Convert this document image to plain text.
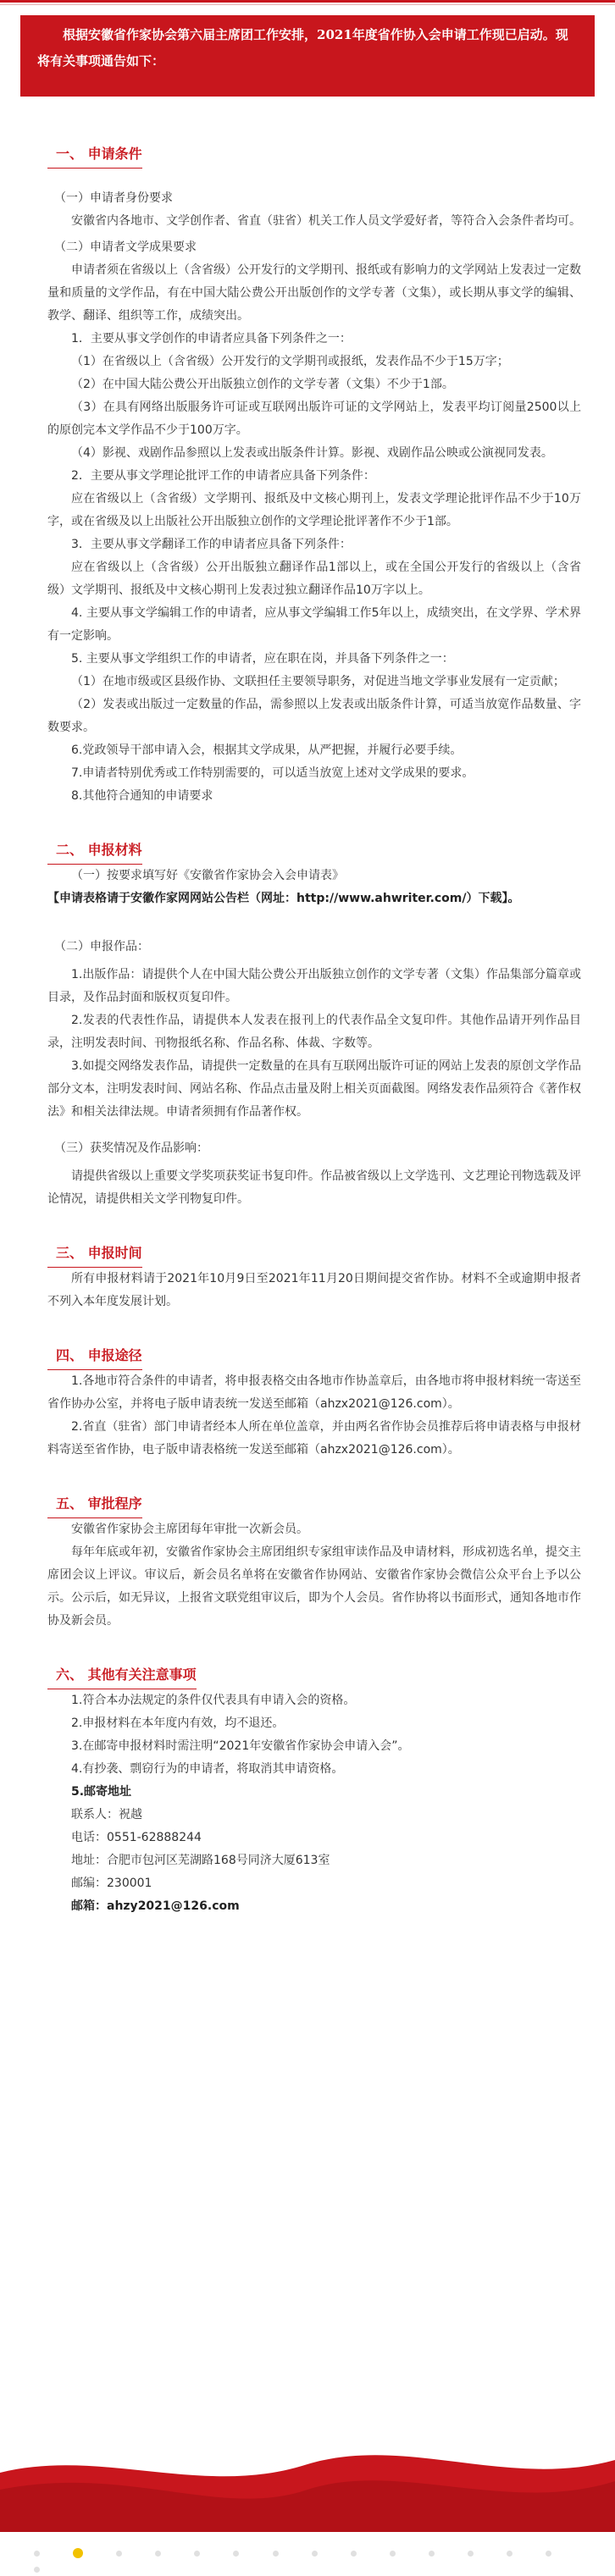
根据安徽省作家协会第六届主席团工作安排，2021年度省作协入会申请工作现已启动。现将有关事项通告如下：
一、 申请条件
（一）申请者身份要求

安徽省内各地市、文学创作者、省直（驻省）机关工作人员文学爱好者，等符合入会条件者均可。

（二）申请者文学成果要求

申请者须在省级以上（含省级）公开发行的文学期刊、报纸或有影响力的文学网站上发表过一定数量和质量的文学作品，有在中国大陆公费公开出版创作的文学专著（文集），或长期从事文学的编辑、教学、翻译、组织等工作，成绩突出。

1．主要从事文学创作的申请者应具备下列条件之一：

（1）在省级以上（含省级）公开发行的文学期刊或报纸，发表作品不少于15万字；

（2）在中国大陆公费公开出版独立创作的文学专著（文集）不少于1部。

（3）在具有网络出版服务许可证或互联网出版许可证的文学网站上，发表平均订阅量2500以上的原创完本文学作品不少于100万字。

（4）影视、戏剧作品参照以上发表或出版条件计算。影视、戏剧作品公映或公演视同发表。

2．主要从事文学理论批评工作的申请者应具备下列条件：

应在省级以上（含省级）文学期刊、报纸及中文核心期刊上，发表文学理论批评作品不少于10万字，或在省级及以上出版社公开出版独立创作的文学理论批评著作不少于1部。

3．主要从事文学翻译工作的申请者应具备下列条件：

应在省级以上（含省级）公开出版独立翻译作品1部以上，或在全国公开发行的省级以上（含省级）文学期刊、报纸及中文核心期刊上发表过独立翻译作品10万字以上。

4. 主要从事文学编辑工作的申请者，应从事文学编辑工作5年以上，成绩突出，在文学界、学术界有一定影响。

5. 主要从事文学组织工作的申请者，应在职在岗，并具备下列条件之一：

（1）在地市级或区县级作协、文联担任主要领导职务，对促进当地文学事业发展有一定贡献；

（2）发表或出版过一定数量的作品，需参照以上发表或出版条件计算，可适当放宽作品数量、字数要求。

6.党政领导干部申请入会，根据其文学成果，从严把握，并履行必要手续。

7.申请者特别优秀或工作特别需要的，可以适当放宽上述对文学成果的要求。

8.其他符合通知的申请要求

二、 申报材料

（一）按要求填写好《安徽省作家协会入会申请表》

【申请表格请于安徽作家网网站公告栏（网址：http://www.ahwriter.com/）下载】。

（二）申报作品：

1.出版作品：请提供个人在中国大陆公费公开出版独立创作的文学专著（文集）作品集部分篇章或目录，及作品封面和版权页复印件。

2.发表的代表性作品，请提供本人发表在报刊上的代表作品全文复印件。其他作品请开列作品目录，注明发表时间、刊物报纸名称、作品名称、体裁、字数等。

3.如提交网络发表作品，请提供一定数量的在具有互联网出版许可证的网站上发表的原创文学作品部分文本，注明发表时间、网站名称、作品点击量及附上相关页面截图。网络发表作品须符合《著作权法》和相关法律法规。申请者须拥有作品著作权。

（三）获奖情况及作品影响：

请提供省级以上重要文学奖项获奖证书复印件。作品被省级以上文学选刊、文艺理论刊物选载及评论情况，请提供相关文学刊物复印件。

三、 申报时间

所有申报材料请于2021年10月9日至2021年11月20日期间提交省作协。材料不全或逾期申报者不列入本年度发展计划。

四、 申报途径

1.各地市符合条件的申请者，将申报表格交由各地市作协盖章后，由各地市将申报材料统一寄送至省作协办公室，并将电子版申请表统一发送至邮箱（ahzx2021@126.com）。

2.省直（驻省）部门申请者经本人所在单位盖章，并由两名省作协会员推荐后将申请表格与申报材料寄送至省作协，电子版申请表格统一发送至邮箱（ahzx2021@126.com）。

五、 审批程序

安徽省作家协会主席团每年审批一次新会员。

每年年底或年初，安徽省作家协会主席团组织专家组审读作品及申请材料，形成初选名单，提交主席团会议上评议。审议后，新会员名单将在安徽省作协网站、安徽省作家协会微信公众平台上予以公示。公示后，如无异议，上报省文联党组审议后，即为个人会员。省作协将以书面形式，通知各地市作协及新会员。

六、 其他有关注意事项

1.符合本办法规定的条件仅代表具有申请入会的资格。

2.申报材料在本年度内有效，均不退还。

3.在邮寄申报材料时需注明“2021年安徽省作家协会申请入会”。

4.有抄袭、剽窃行为的申请者，将取消其申请资格。

5.邮寄地址

联系人：祝越

电话：0551-62888244

地址：合肥市包河区芜湖路168号同济大厦613室

邮编：230001

邮箱：ahzy2021@126.com
